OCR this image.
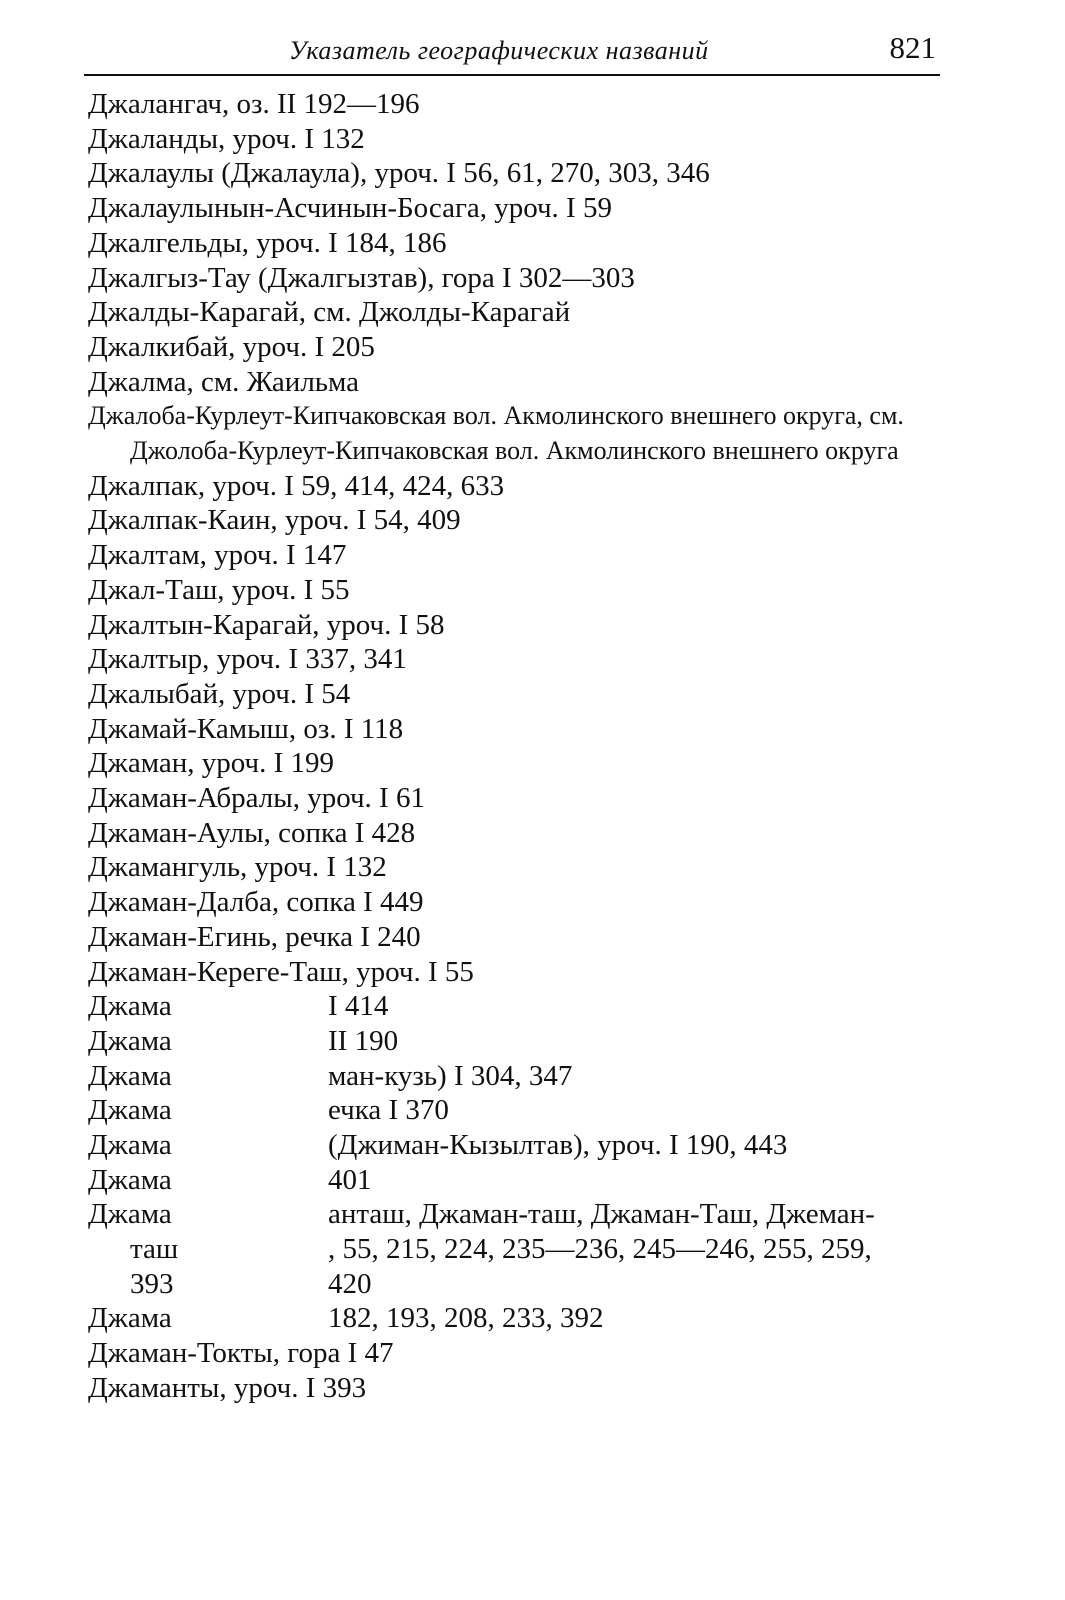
Указатель географических названий	821
Джалангач, оз. II 192—196
Джаланды, уроч. I 132
Джалаулы (Джалаула), уроч. I 56, 61, 270, 303, 346
Джалаулынын-Асчинын-Босага, уроч. I 59
Джалгельды, уроч. I 184, 186
Джалгыз-Тау (Джалгызтав), гора I 302—303
Джалды-Карагай, см. Джолды-Карагай
Джалкибай, уроч. I 205
Джалма, см. Жаильма
Джалоба-Курлеут-Кипчаковская вол. Акмолинского внешнего округа, см. Джолоба-Курлеут-Кипчаковская вол. Акмолинского внешнего округа
Джалпак, уроч. I 59, 414, 424, 633
Джалпак-Каин, уроч. I 54, 409
Джалтам, уроч. I 147
Джал-Таш, уроч. I 55
Джалтын-Карагай, уроч. I 58
Джалтыр, уроч. I 337, 341
Джалыбай, уроч. I 54
Джамай-Камыш, оз. I 118
Джаман, уроч. I 199
Джаман-Абралы, уроч. I 61
Джаман-Аулы, сопка I 428
Джамангуль, уроч. I 132
Джаман-Далба, сопка I 449
Джаман-Егинь, речка I 240
Джаман-Кереге-Таш, уроч. I 55
Джама	I 414
Джама	II 190
Джама	ман-кузь) I 304, 347
Джама	ечка I 370
Джама	(Джиман-Кызылтав), уроч. I 190, 443
Джама	401
Джама	анташ, Джаман-таш, Джаман-Таш, Джеман-
таш	, 55, 215, 224, 235—236, 245—246, 255, 259,
393	420
Джама	182, 193, 208, 233, 392
Джаман-Токты, гора I 47
Джаманты, уроч. I 393
